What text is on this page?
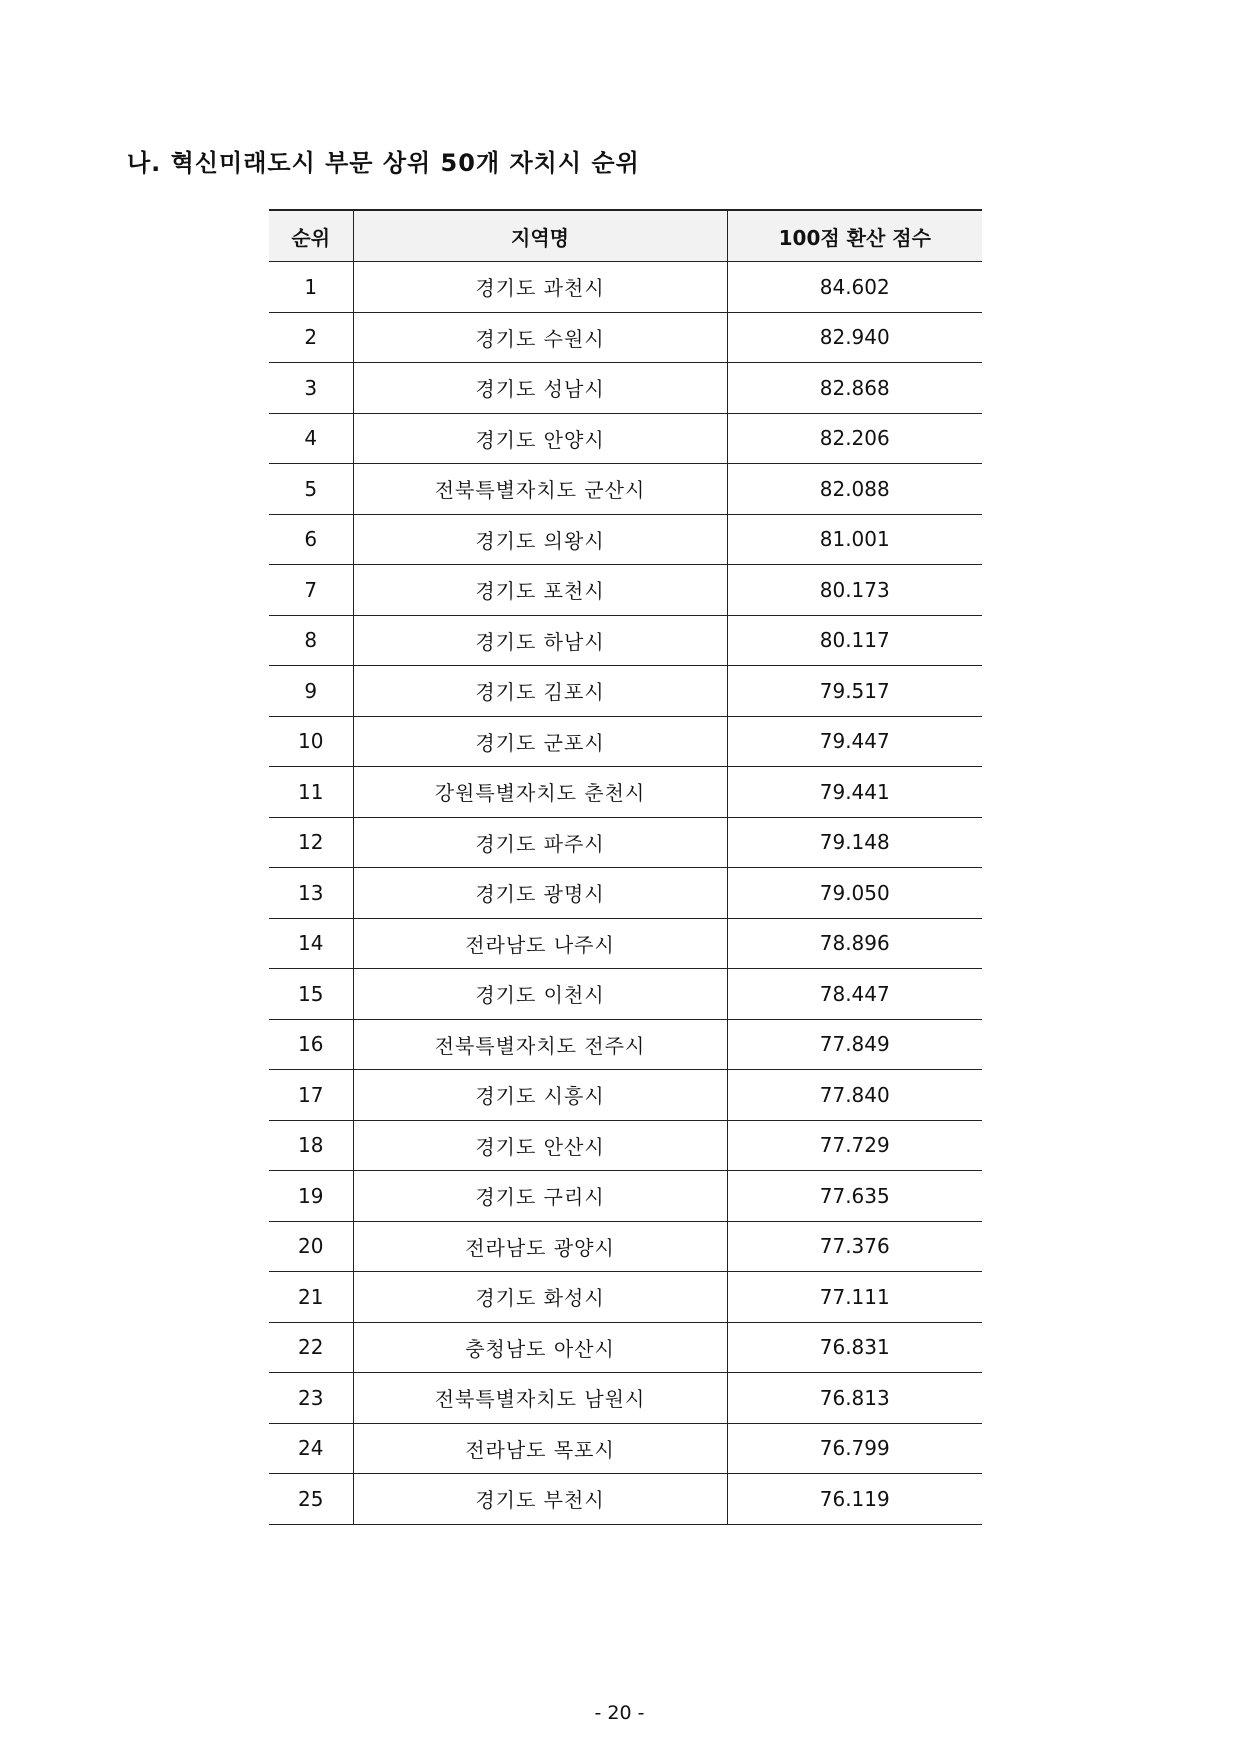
나. 혁신미래도시 부문 상위 50개 자치시 순위
순위	지역명	100점 환산 점수
1	경기도 과천시	84.602
2	경기도 수원시	82.940
3	경기도 성남시	82.868
4	경기도 안양시	82.206
5	전북특별자치도 군산시	82.088
6	경기도 의왕시	81.001
7	경기도 포천시	80.173
8	경기도 하남시	80.117
9	경기도 김포시	79.517
10	경기도 군포시	79.447
11	강원특별자치도 춘천시	79.441
12	경기도 파주시	79.148
13	경기도 광명시	79.050
14	전라남도 나주시	78.896
15	경기도 이천시	78.447
16	전북특별자치도 전주시	77.849
17	경기도 시흥시	77.840
18	경기도 안산시	77.729
19	경기도 구리시	77.635
20	전라남도 광양시	77.376
21	경기도 화성시	77.111
22	충청남도 아산시	76.831
23	전북특별자치도 남원시	76.813
24	전라남도 목포시	76.799
25	경기도 부천시	76.119
- 20 -
